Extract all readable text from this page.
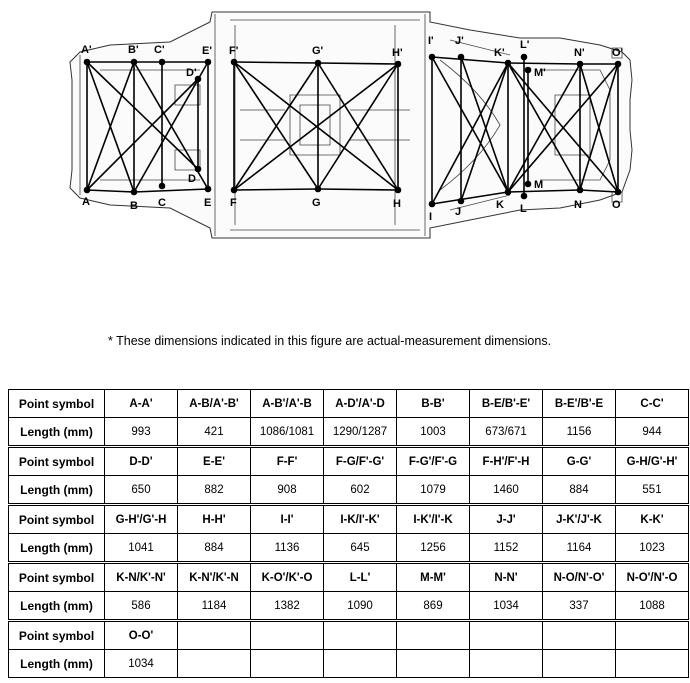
A'	B' C'
D'
E' F'	G'	H'
I' J'
K'
L'
M'
N' O'
A	B C
D
E F	G	H
I J
K L
M
N	O
* These dimensions indicated in this figure are actual-measurement dimensions.
Point symbol	A-A'	A-B/A'-B'	A-B'/A'-B	A-D'/A'-D	B-B'	B-E/B'-E'	B-E'/B'-E	C-C'
Length (mm)	993	421	1086/1081	1290/1287	1003	673/671	1156	944
Point symbol	D-D'	E-E'	F-F'	F-G/F'-G'	F-G'/F'-G	F-H'/F'-H	G-G'	G-H/G'-H'
Length (mm)	650	882	908	602	1079	1460	884	551
Point symbol	G-H'/G'-H	H-H'	I-I'	I-K/I'-K'	I-K'/I'-K	J-J'	J-K'/J'-K	K-K'
Length (mm)	1041	884	1136	645	1256	1152	1164	1023
Point symbol	K-N/K'-N'	K-N'/K'-N	K-O'/K'-O	L-L'	M-M'	N-N'	N-O/N'-O'	N-O'/N'-O
Length (mm)	586	1184	1382	1090	869	1034	337	1088
Point symbol	O-O'							
Length (mm)	1034							
